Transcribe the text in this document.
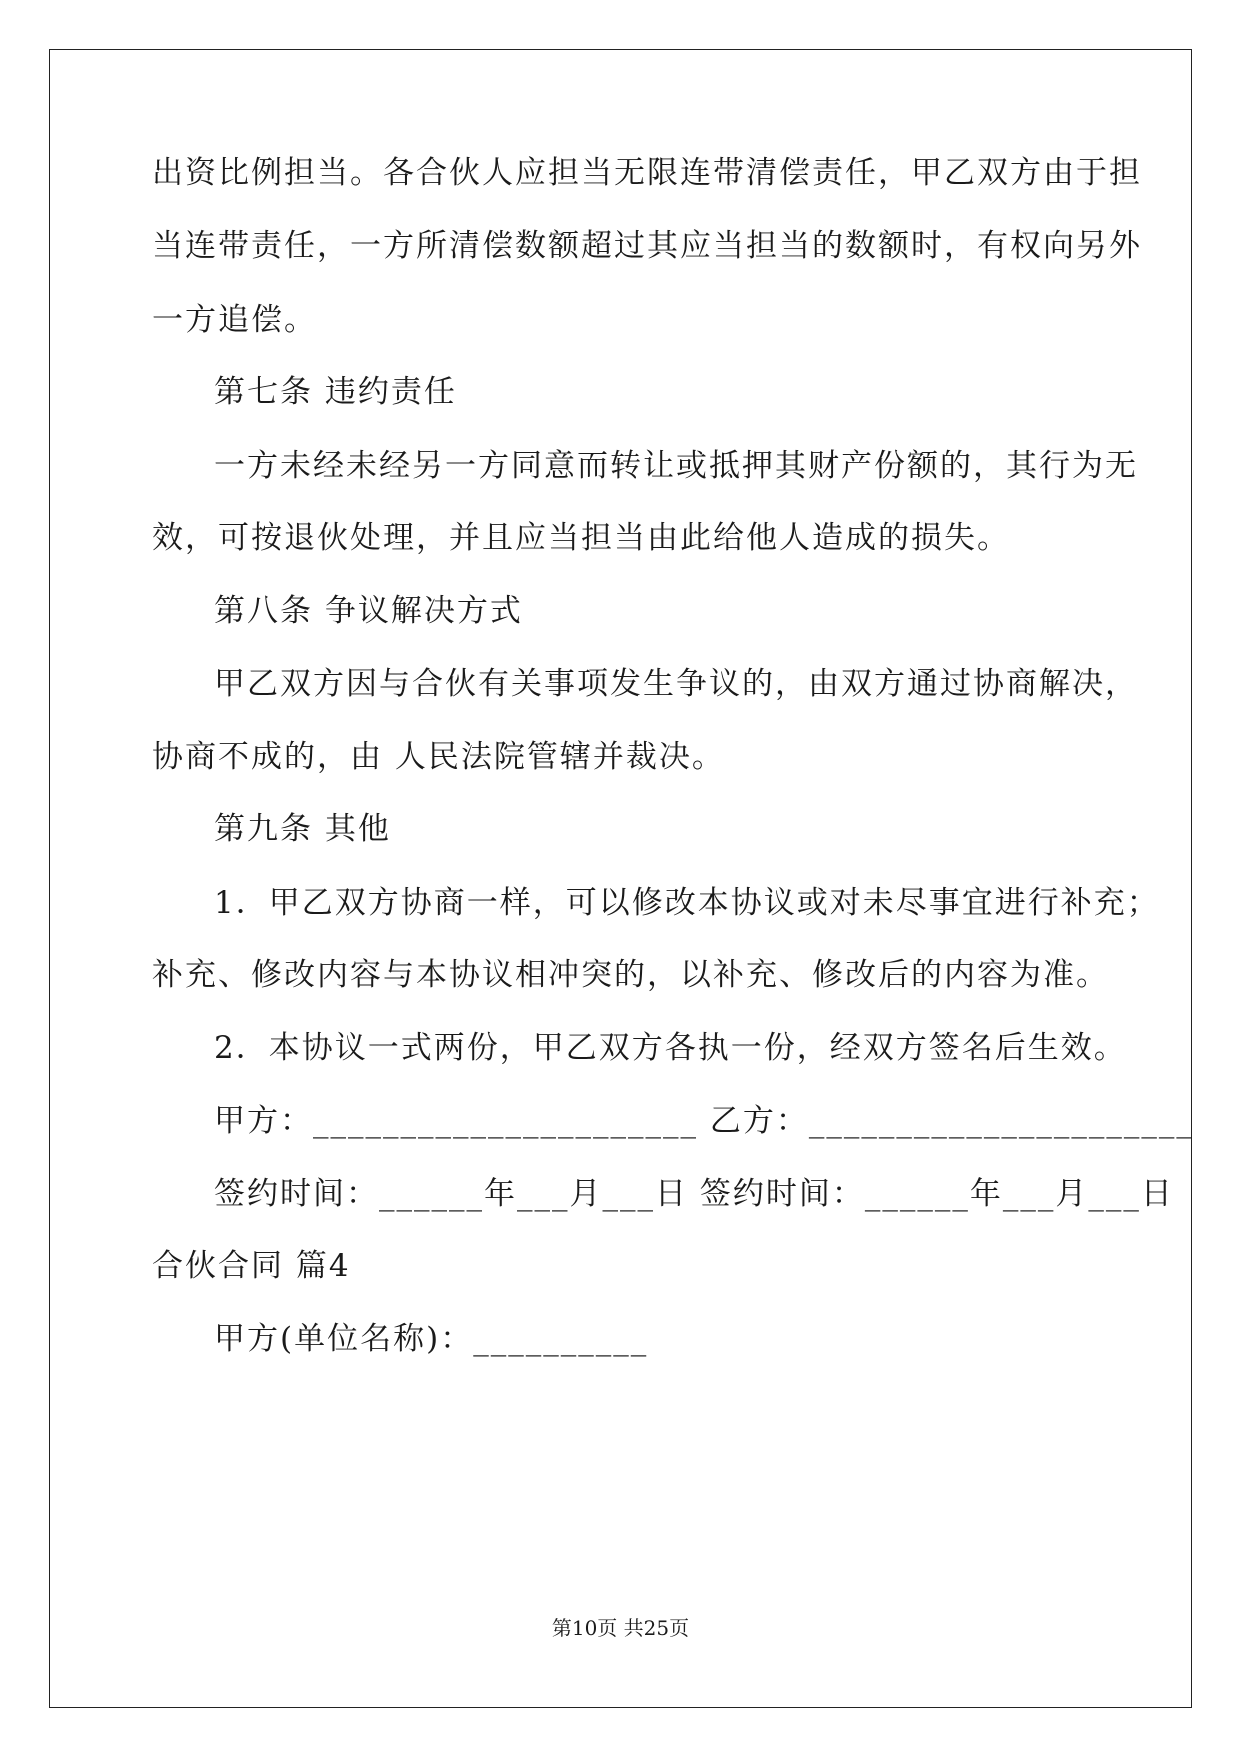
出资比例担当。各合伙人应担当无限连带清偿责任，甲乙双方由于担
当连带责任，一方所清偿数额超过其应当担当的数额时，有权向另外
一方追偿。
第七条 违约责任
一方未经未经另一方同意而转让或抵押其财产份额的，其行为无
效，可按退伙处理，并且应当担当由此给他人造成的损失。
第八条 争议解决方式
甲乙双方因与合伙有关事项发生争议的，由双方通过协商解决，
协商不成的，由 人民法院管辖并裁决。
第九条 其他
1．甲乙双方协商一样，可以修改本协议或对未尽事宜进行补充；
补充、修改内容与本协议相冲突的，以补充、修改后的内容为准。
2．本协议一式两份，甲乙双方各执一份，经双方签名后生效。
甲方：______________________ 乙方：______________________
签约时间：______年___月___日 签约时间：______年___月___日
合伙合同 篇4
甲方(单位名称)：__________
第10页 共25页
